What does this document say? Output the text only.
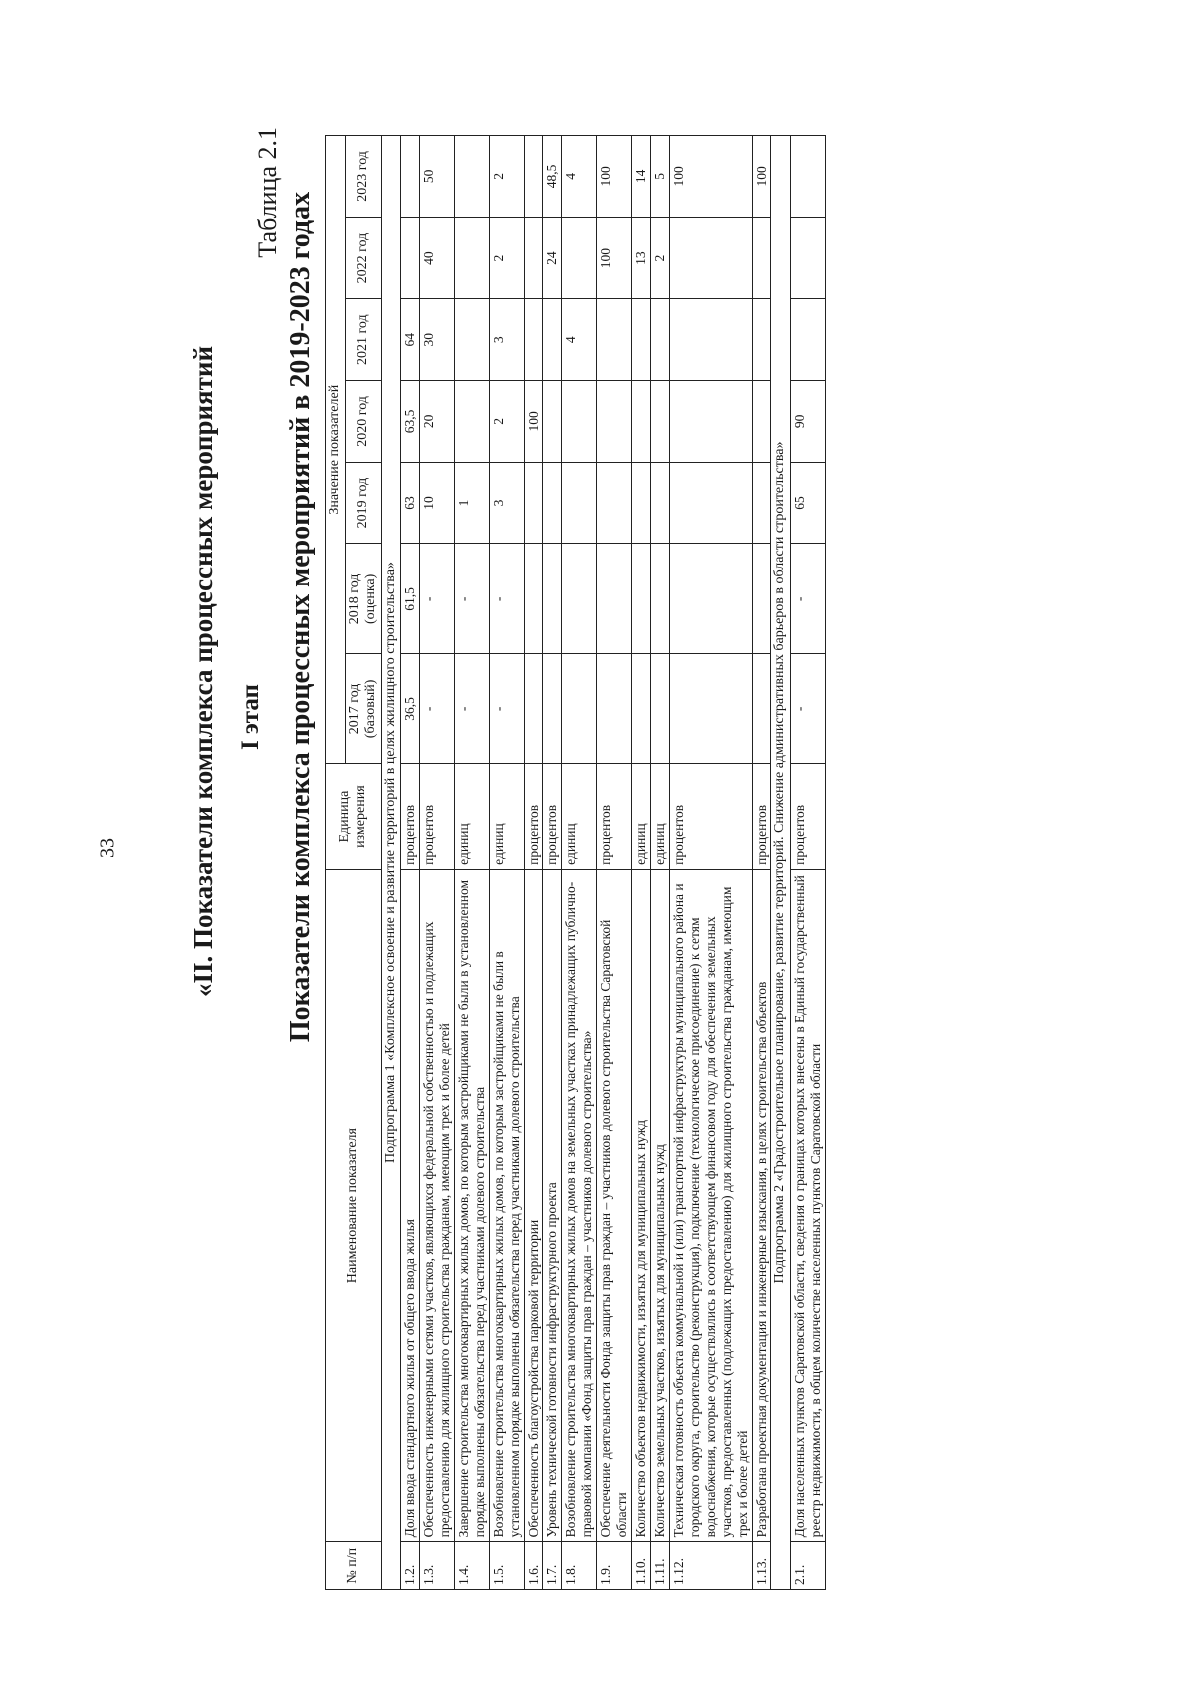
33	«II. Показатели комплекса процессных мероприятий I этап
Таблица 2.1 Показатели комплекса процессных мероприятий в 2019-2023 годах
№ п/п	Наименование показателя	Единица измерения	Значение показателей						
			2017 год (базовый)	2018 год (оценка)	2019 год	2020 год	2021 год	2022 год	2023 год
Подпрограмма 1 «Комплексное освоение и развитие территорий в целях жилищного строительства»									
1.2.	Доля ввода стандартного жилья от общего ввода жилья	процентов	36,5	61,5	63	63,5	64		
1.3.	Обеспеченность инженерными сетями участков, являющихся федеральной собственностью и подлежащих предоставлению для жилищного строительства гражданам, имеющим трех и более детей	процентов	-	-	10	20	30	40	50
1.4.	Завершение строительства многоквартирных жилых домов, по которым застройщиками не были в установленном порядке выполнены обязательства перед участниками долевого строительства	единиц	-	-	1				
1.5.	Возобновление строительства многоквартирных жилых домов, по которым застройщиками не были в установленном порядке выполнены обязательства перед участниками долевого строительства	единиц	-	-	3	2	3	2	2
1.6.	Обеспеченность благоустройства парковой территории	процентов				100			
1.7.	Уровень технической готовности инфраструктурного проекта	процентов						24	48,5
1.8.	Возобновление строительства многоквартирных жилых домов на земельных участках принадлежащих публично-правовой компании «Фонд защиты прав граждан – участников долевого строительства»	единиц					4		4
1.9.	Обеспечение деятельности Фонда защиты прав граждан – участников долевого строительства Саратовской области	процентов						100	100
1.10.	Количество объектов недвижимости, изъятых для муниципальных нужд	единиц						13	14
1.11.	Количество земельных участков, изъятых для муниципальных нужд	единиц						2	5
1.12.	Техническая готовность объекта коммунальной и (или) транспортной инфраструктуры муниципального района и городского округа, строительство (реконструкция), подключение (технологическое присоединение) к сетям водоснабжения, которые осуществлялись в соответствующем финансовом году для обеспечения земельных участков, предоставленных (подлежащих предоставлению) для жилищного строительства гражданам, имеющим трех и более детей	процентов							100
1.13.	Разработана проектная документация и инженерные изыскания, в целях строительства объектов	процентов							100
Подпрограмма 2 «Градостроительное планирование, развитие территорий. Снижение административных барьеров в области строительства»									
2.1.	Доля населенных пунктов Саратовской области, сведения о границах которых внесены в Единый государственный реестр недвижимости, в общем количестве населенных пунктов Саратовской области	процентов	-	-	65	90			
